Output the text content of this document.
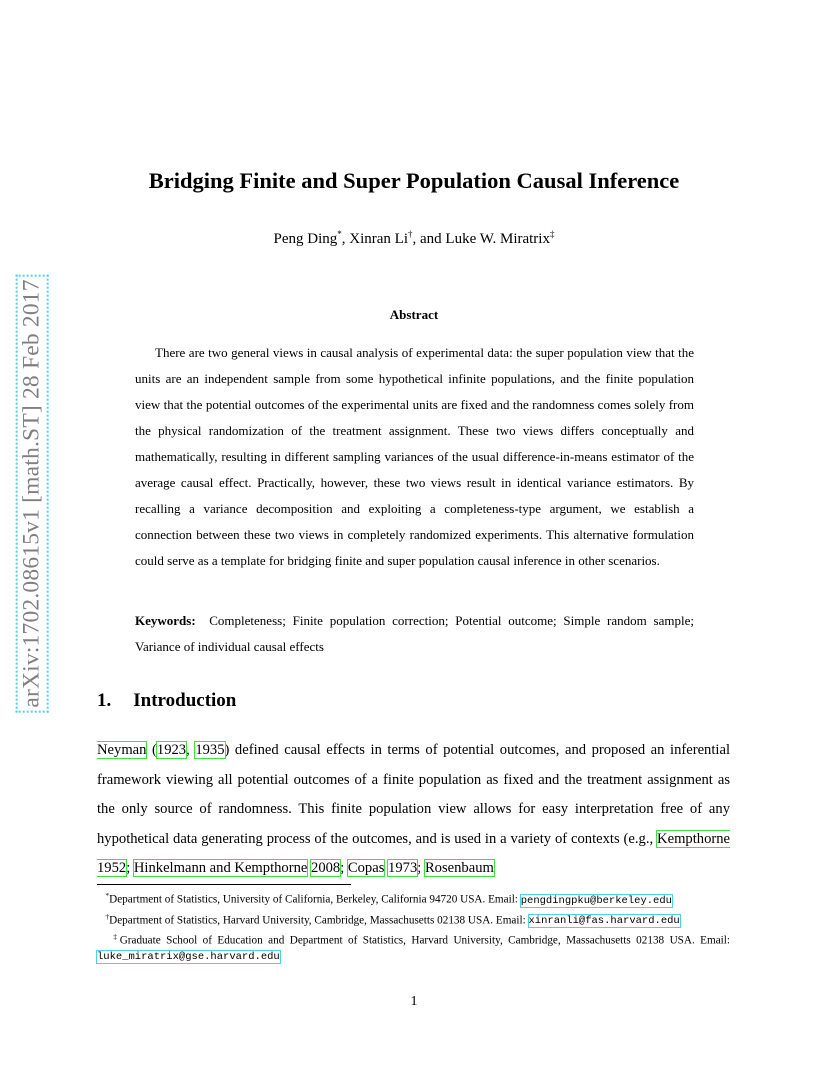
arXiv:1702.08615v1 [math.ST] 28 Feb 2017
Bridging Finite and Super Population Causal Inference
Peng Ding*, Xinran Li†, and Luke W. Miratrix‡
Abstract

There are two general views in causal analysis of experimental data: the super population view that the units are an independent sample from some hypothetical infinite populations, and the finite population view that the potential outcomes of the experimental units are fixed and the randomness comes solely from the physical randomization of the treatment assignment. These two views differs conceptually and mathematically, resulting in different sampling variances of the usual difference-in-means estimator of the average causal effect. Practically, however, these two views result in identical variance estimators. By recalling a variance decomposition and exploiting a completeness-type argument, we establish a connection between these two views in completely randomized experiments. This alternative formulation could serve as a template for bridging finite and super population causal inference in other scenarios.

Keywords: Completeness; Finite population correction; Potential outcome; Simple random sample; Variance of individual causal effects

1. Introduction

Neyman (1923, 1935) defined causal effects in terms of potential outcomes, and proposed an inferential framework viewing all potential outcomes of a finite population as fixed and the treatment assignment as the only source of randomness. This finite population view allows for easy interpretation free of any hypothetical data generating process of the outcomes, and is used in a variety of contexts (e.g., Kempthorne 1952; Hinkelmann and Kempthorne 2008; Copas 1973; Rosenbaum

*Department of Statistics, University of California, Berkeley, California 94720 USA. Email: pengdingpku@berkeley.edu

†Department of Statistics, Harvard University, Cambridge, Massachusetts 02138 USA. Email: xinranli@fas.harvard.edu

‡Graduate School of Education and Department of Statistics, Harvard University, Cambridge, Massachusetts 02138 USA. Email: luke_miratrix@gse.harvard.edu

1
